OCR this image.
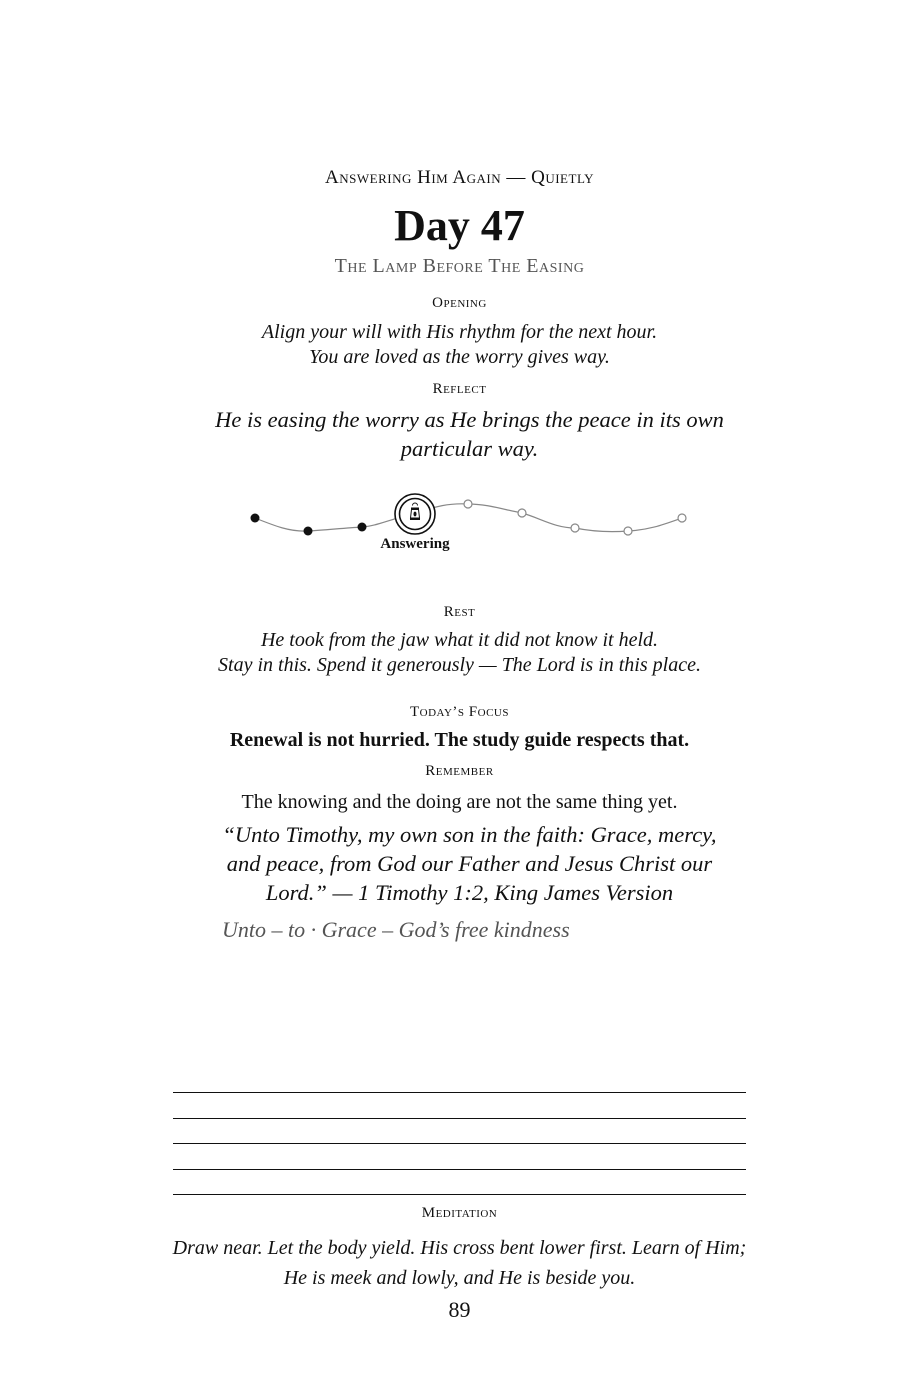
Answering Him Again — Quietly
Day 47
The Lamp Before The Easing
Opening
Align your will with His rhythm for the next hour.
You are loved as the worry gives way.
Reflect
He is easing the worry as He brings the peace in its own particular way.
Answering
Rest
He took from the jaw what it did not know it held.
Stay in this. Spend it generously — The Lord is in this place.
Today’s Focus
Renewal is not hurried. The study guide respects that.
Remember
The knowing and the doing are not the same thing yet.
“Unto Timothy, my own son in the faith: Grace, mercy, and peace, from God our Father and Jesus Christ our Lord.” — 1 Timothy 1:2, King James Version
Unto – to · Grace – God’s free kindness
Meditation
Draw near. Let the body yield. His cross bent lower first. Learn of Him; He is meek and lowly, and He is beside you.
89
